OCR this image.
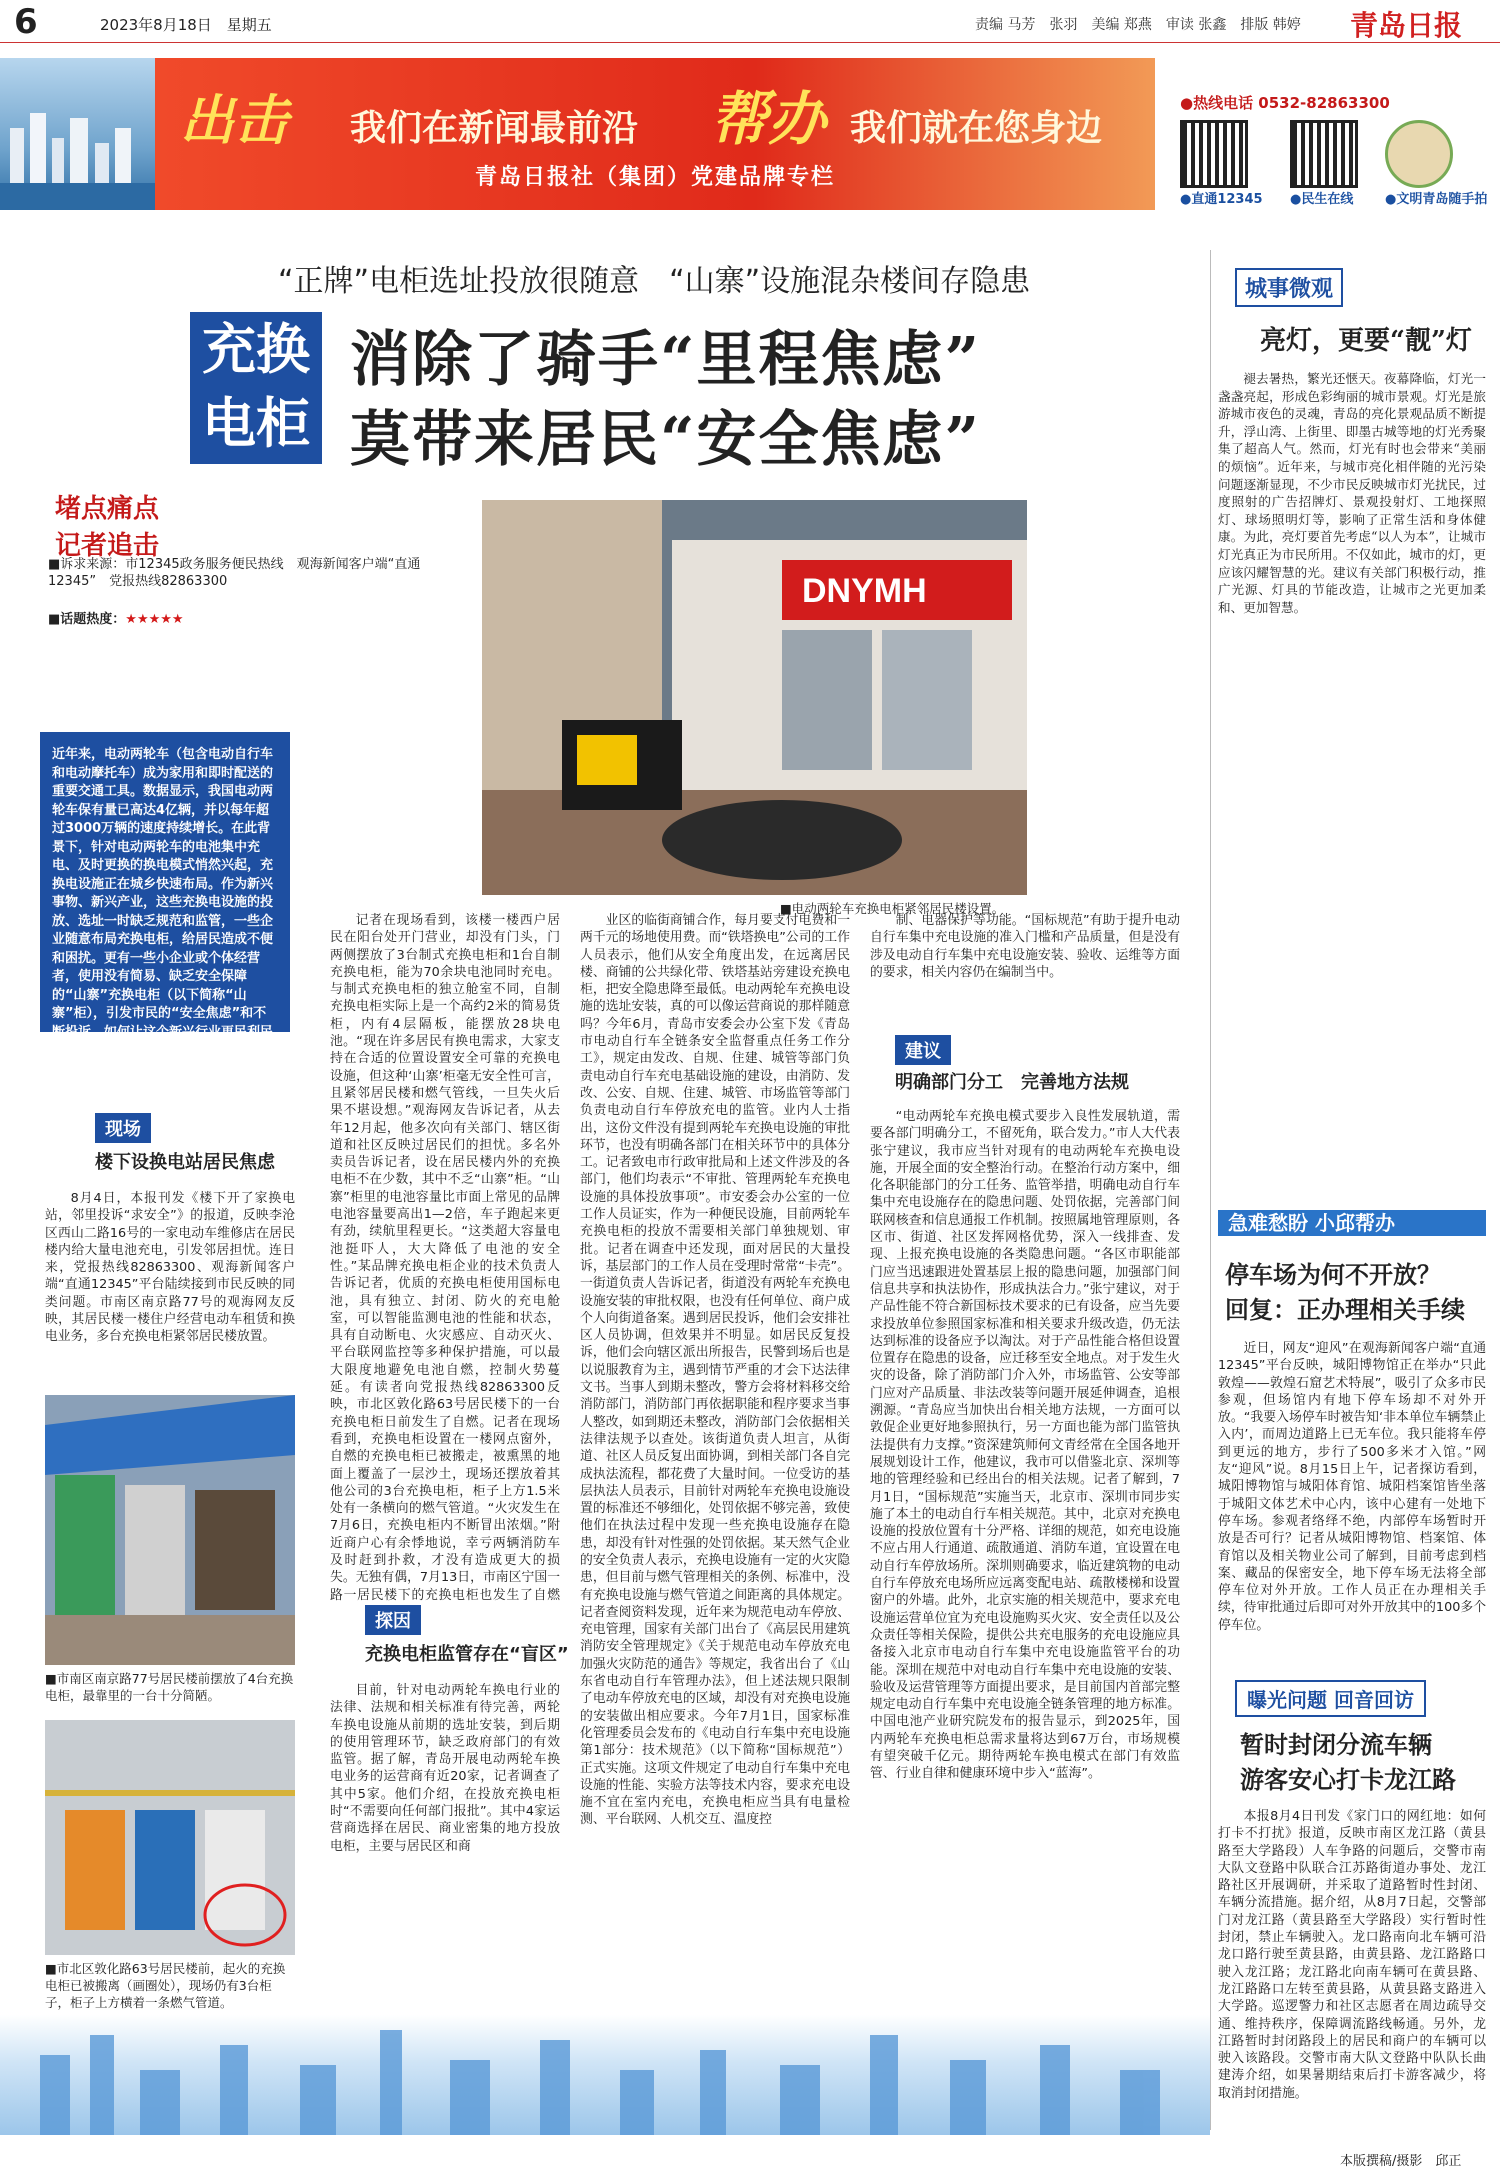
6	2023年8月18日　星期五	责编 马芳　张羽　美编 郑燕　审读 张鑫　排版 韩婷 青岛日报
出击 我们在新闻最前沿 帮办 我们就在您身边
青岛日报社（集团）党建品牌专栏
●热线电话 0532-82863300
●直通12345 ●民生在线	●文明青岛随手拍
“正牌”电柜选址投放很随意　“山寨”设施混杂楼间存隐患
充换
电柜
消除了骑手“里程焦虑”
莫带来居民“安全焦虑”
堵点痛点
记者追击
■诉求来源：市12345政务服务便民热线　观海新闻客户端“直通12345”　党报热线82863300
■话题热度：★★★★★
近年来，电动两轮车（包含电动自行车和电动摩托车）成为家用和即时配送的重要交通工具。数据显示，我国电动两轮车保有量已高达4亿辆，并以每年超过3000万辆的速度持续增长。在此背景下，针对电动两轮车的电池集中充电、及时更换的换电模式悄然兴起，充换电设施正在城乡快速布局。作为新兴事物、新兴产业，这些充换电设施的投放、选址一时缺乏规范和监管，一些企业随意布局充换电柜，给居民造成不便和困扰。更有一些小企业或个体经营者，使用没有简易、缺乏安全保障的“山寨”充换电柜（以下简称“山寨”柜），引发市民的“安全焦虑”和不断投诉。如何让这个新兴行业更民利民不扰民，加强充换电设施的规范管理，消除居民的“安全焦虑”，记者展开深入调查。
DNYMH
■电动两轮车充换电柜紧邻居民楼设置。
现场
楼下设换电站居民焦虑

8月4日，本报刊发《楼下开了家换电站，邻里投诉“求安全”》的报道，反映李沧区西山二路16号的一家电动车维修店在居民楼内给大量电池充电，引发邻居担忧。连日来，党报热线82863300、观海新闻客户端“直通12345”平台陆续接到市民反映的同类问题。市南区南京路77号的观海网友反映，其居民楼一楼住户经营电动车租赁和换电业务，多台充换电柜紧邻居民楼放置。

■市南区南京路77号居民楼前摆放了4台充换电柜，最靠里的一台十分简陋。
■市北区敦化路63号居民楼前，起火的充换电柜已被搬离（画圈处），现场仍有3台柜子，柜子上方横着一条燃气管道。

记者在现场看到，该楼一楼西户居民在阳台处开门营业，却没有门头，门两侧摆放了3台制式充换电柜和1台自制充换电柜，能为70余块电池同时充电。与制式充换电柜的独立舱室不同，自制充换电柜实际上是一个高约2米的简易货柜，内有4层隔板，能摆放28块电池。“现在许多居民有换电需求，大家支持在合适的位置设置安全可靠的充换电设施，但这种‘山寨’柜毫无安全性可言，且紧邻居民楼和燃气管线，一旦失火后果不堪设想。”观海网友告诉记者，从去年12月起，他多次向有关部门、辖区街道和社区反映过居民们的担忧。多名外卖员告诉记者，设在居民楼内外的充换电柜不在少数，其中不乏“山寨”柜。“山寨”柜里的电池容量比市面上常见的品牌电池容量要高出1—2倍，车子跑起来更有劲，续航里程更长。“这类超大容量电池挺吓人，大大降低了电池的安全性。”某品牌充换电柜企业的技术负责人告诉记者，优质的充换电柜使用国标电池，具有独立、封闭、防火的充电舱室，可以智能监测电池的性能和状态，具有自动断电、火灾感应、自动灭火、平台联网监控等多种保护措施，可以最大限度地避免电池自燃，控制火势蔓延。有读者向党报热线82863300反映，市北区敦化路63号居民楼下的一台充换电柜日前发生了自燃。记者在现场看到，充换电柜设置在一楼网点窗外，自燃的充换电柜已被搬走，被熏黑的地面上覆盖了一层沙土，现场还摆放着其他公司的3台充换电柜，柜子上方1.5米处有一条横向的燃气管道。“火灾发生在7月6日，充换电柜内不断冒出浓烟。”附近商户心有余悸地说，幸亏两辆消防车及时赶到扑救，才没有造成更大的损失。无独有偶，7月13日，市南区宁国一路一居民楼下的充换电柜也发生了自燃

探因
充换电柜监管存在“盲区”

目前，针对电动两轮车换电行业的法律、法规和相关标准有待完善，两轮车换电设施从前期的选址安装，到后期的使用管理环节，缺乏政府部门的有效监管。据了解，青岛开展电动两轮车换电业务的运营商有近20家，记者调查了其中5家。他们介绍，在投放充换电柜时“不需要向任何部门报批”。其中4家运营商选择在居民、商业密集的地方投放电柜，主要与居民区和商

业区的临街商铺合作，每月要支付电费和一两千元的场地使用费。而“铁塔换电”公司的工作人员表示，他们从安全角度出发，在远离居民楼、商铺的公共绿化带、铁塔基站旁建设充换电柜，把安全隐患降至最低。电动两轮车充换电设施的选址安装，真的可以像运营商说的那样随意吗？今年6月，青岛市安委会办公室下发《青岛市电动自行车全链条安全监督重点任务工作分工》，规定由发改、自规、住建、城管等部门负责电动自行车充电基础设施的建设，由消防、发改、公安、自规、住建、城管、市场监管等部门负责电动自行车停放充电的监管。业内人士指出，这份文件没有提到两轮车充换电设施的审批环节，也没有明确各部门在相关环节中的具体分工。记者致电市行政审批局和上述文件涉及的各部门，他们均表示“不审批、管理两轮车充换电设施的具体投放事项”。市安委会办公室的一位工作人员证实，作为一种便民设施，目前两轮车充换电柜的投放不需要相关部门单独规划、审批。记者在调查中还发现，面对居民的大量投诉，基层部门的工作人员在受理时常常“卡壳”。一街道负责人告诉记者，街道没有两轮车充换电设施安装的审批权限，也没有任何单位、商户成个人向街道备案。遇到居民投诉，他们会安排社区人员协调，但效果并不明显。如居民反复投诉，他们会向辖区派出所报告，民警到场后也是以说服教育为主，遇到情节严重的才会下达法律文书。当事人到期未整改，警方会将材料移交给消防部门，消防部门再依据职能和程序要求当事人整改，如到期还未整改，消防部门会依据相关法律法规予以查处。该街道负责人坦言，从街道、社区人员反复出面协调，到相关部门各自完成执法流程，都花费了大量时间。一位受访的基层执法人员表示，目前针对两轮车充换电设施设置的标准还不够细化，处罚依据不够完善，致使他们在执法过程中发现一些充换电设施存在隐患，却没有针对性强的处罚依据。某天然气企业的安全负责人表示，充换电设施有一定的火灾隐患，但目前与燃气管理相关的条例、标准中，没有充换电设施与燃气管道之间距离的具体规定。记者查阅资料发现，近年来为规范电动车停放、充电管理，国家有关部门出台了《高层民用建筑消防安全管理规定》《关于规范电动车停放充电加强火灾防范的通告》等规定，我省出台了《山东省电动自行车管理办法》，但上述法规只限制了电动车停放充电的区域，却没有对充换电设施的安装做出相应要求。今年7月1日，国家标准化管理委员会发布的《电动自行车集中充电设施第1部分：技术规范》（以下简称“国标规范”）正式实施。这项文件规定了电动自行车集中充电设施的性能、实验方法等技术内容，要求充电设施不宜在室内充电，充换电柜应当具有电量检测、平台联网、人机交互、温度控

制、电器保护等功能。“国标规范”有助于提升电动自行车集中充电设施的准入门槛和产品质量，但是没有涉及电动自行车集中充电设施安装、验收、运维等方面的要求，相关内容仍在编制当中。

建议
明确部门分工　完善地方法规

“电动两轮车充换电模式要步入良性发展轨道，需要各部门明确分工，不留死角，联合发力。”市人大代表张宁建议，我市应当针对现有的电动两轮车充换电设施，开展全面的安全整治行动。在整治行动方案中，细化各职能部门的分工任务、监管举措，明确电动自行车集中充电设施存在的隐患问题、处罚依据，完善部门间联网核查和信息通报工作机制。按照属地管理原则，各区市、街道、社区发挥网格优势，深入一线排查、发现、上报充换电设施的各类隐患问题。“各区市职能部门应当迅速跟进处置基层上报的隐患问题，加强部门间信息共享和执法协作，形成执法合力。”张宁建议，对于产品性能不符合新国标技术要求的已有设备，应当先要求投放单位参照国家标准和相关要求升级改造，仍无法达到标准的设备应予以淘汰。对于产品性能合格但设置位置存在隐患的设备，应迁移至安全地点。对于发生火灾的设备，除了消防部门介入外，市场监管、公安等部门应对产品质量、非法改装等问题开展延伸调查，追根溯源。“青岛应当加快出台相关地方法规，一方面可以敦促企业更好地参照执行，另一方面也能为部门监管执法提供有力支撑。”资深建筑师何文青经常在全国各地开展规划设计工作，他建议，我市可以借鉴北京、深圳等地的管理经验和已经出台的相关法规。记者了解到，7月1日，“国标规范”实施当天，北京市、深圳市同步实施了本土的电动自行车相关规范。其中，北京对充换电设施的投放位置有十分严格、详细的规范，如充电设施不应占用人行通道、疏散通道、消防车道，宜设置在电动自行车停放场所。深圳则确要求，临近建筑物的电动自行车停放充电场所应远离变配电站、疏散楼梯和设置窗户的外墙。此外，北京实施的相关规范中，要求充电设施运营单位宜为充电设施购买火灾、安全责任以及公众责任等相关保险，提供公共充电服务的充电设施应具备接入北京市电动自行车集中充电设施监管平台的功能。深圳在规范中对电动自行车集中充电设施的安装、验收及运营管理等方面提出要求，是目前国内首部完整规定电动自行车集中充电设施全链条管理的地方标准。中国电池产业研究院发布的报告显示，到2025年，国内两轮车充换电柜总需求量将达到67万台，市场规模有望突破千亿元。期待两轮车换电模式在部门有效监管、行业自律和健康环境中步入“蓝海”。

城事微观
亮灯，更要“靓”灯

褪去暑热，繁光还惬天。夜幕降临，灯光一盏盏亮起，形成色彩绚丽的城市景观。灯光是旅游城市夜色的灵魂，青岛的亮化景观品质不断提升，浮山湾、上街里、即墨古城等地的灯光秀聚集了超高人气。然而，灯光有时也会带来“美丽的烦恼”。近年来，与城市亮化相伴随的光污染问题逐渐显现，不少市民反映城市灯光扰民，过度照射的广告招牌灯、景观投射灯、工地探照灯、球场照明灯等，影响了正常生活和身体健康。为此，亮灯要首先考虑“以人为本”，让城市灯光真正为市民所用。不仅如此，城市的灯，更应该闪耀智慧的光。建议有关部门积极行动，推广光源、灯具的节能改造，让城市之光更加柔和、更加智慧。

急难愁盼 小邱帮办
停车场为何不开放？
回复：正办理相关手续

近日，网友“迎风”在观海新闻客户端“直通12345”平台反映，城阳博物馆正在举办“只此敦煌——敦煌石窟艺术特展”，吸引了众多市民参观，但场馆内有地下停车场却不对外开放。“我要入场停车时被告知‘非本单位车辆禁止入内’，而周边道路上已无车位。我只能将车停到更远的地方，步行了500多米才入馆。”网友“迎风”说。8月15日上午，记者探访看到，城阳博物馆与城阳体育馆、城阳档案馆皆坐落于城阳文体艺术中心内，该中心建有一处地下停车场。参观者络绎不绝，内部停车场暂时开放是否可行？记者从城阳博物馆、档案馆、体育馆以及相关物业公司了解到，目前考虑到档案、藏品的保密安全，地下停车场无法将全部停车位对外开放。工作人员正在办理相关手续，待审批通过后即可对外开放其中的100多个停车位。

曝光问题 回音回访
暂时封闭分流车辆
游客安心打卡龙江路

本报8月4日刊发《家门口的网红地：如何打卡不打扰》报道，反映市南区龙江路（黄县路至大学路段）人车争路的问题后，交警市南大队文登路中队联合江苏路街道办事处、龙江路社区开展调研，并采取了道路暂时性封闭、车辆分流措施。据介绍，从8月7日起，交警部门对龙江路（黄县路至大学路段）实行暂时性封闭，禁止车辆驶入。龙口路南向北车辆可沿龙口路行驶至黄县路，由黄县路、龙江路路口驶入龙江路；龙江路北向南车辆可在黄县路、龙江路路口左转至黄县路，从黄县路支路进入大学路。巡逻警力和社区志愿者在周边疏导交通、维持秩序，保障调流路线畅通。另外，龙江路暂时封闭路段上的居民和商户的车辆可以驶入该路段。交警市南大队文登路中队队长曲建涛介绍，如果暑期结束后打卡游客减少，将取消封闭措施。

本版撰稿/摄影　邱正
